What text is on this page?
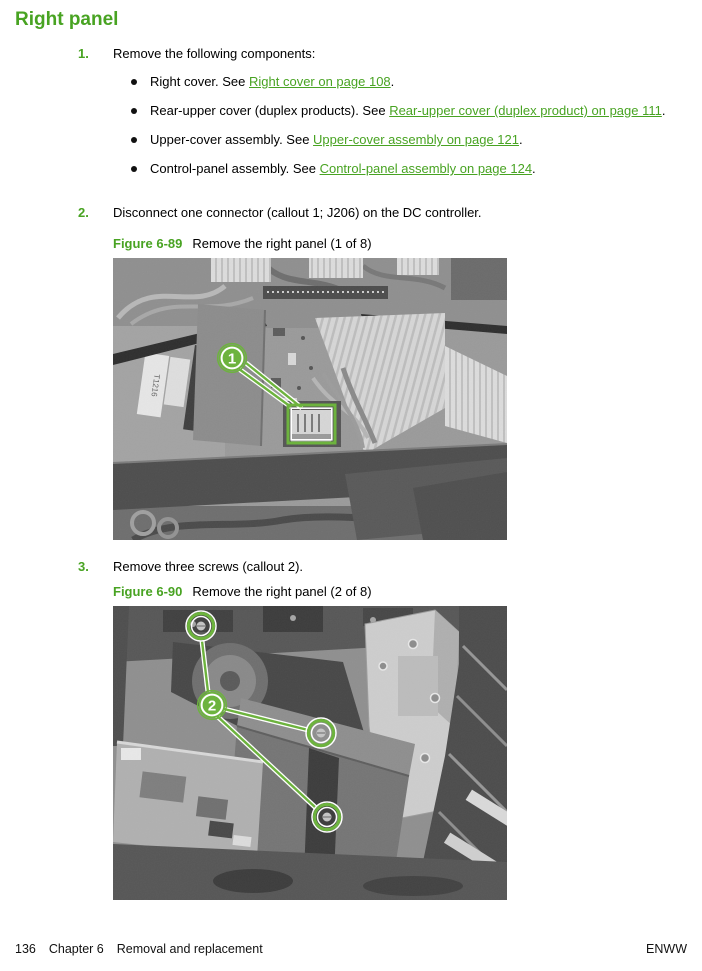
Right panel
1.	Remove the following components:

Right cover. See Right cover on page 108.
Rear-upper cover (duplex products). See Rear-upper cover (duplex product) on page 111.
Upper-cover assembly. See Upper-cover assembly on page 121.
Control-panel assembly. See Control-panel assembly on page 124.
2.	Disconnect one connector (callout 1; J206) on the DC controller.

Figure 6-89 Remove the right panel (1 of 8)

T1216
1
3.	Remove three screws (callout 2).

Figure 6-90 Remove the right panel (2 of 8)

2
136 Chapter 6 Removal and replacement	ENWW
